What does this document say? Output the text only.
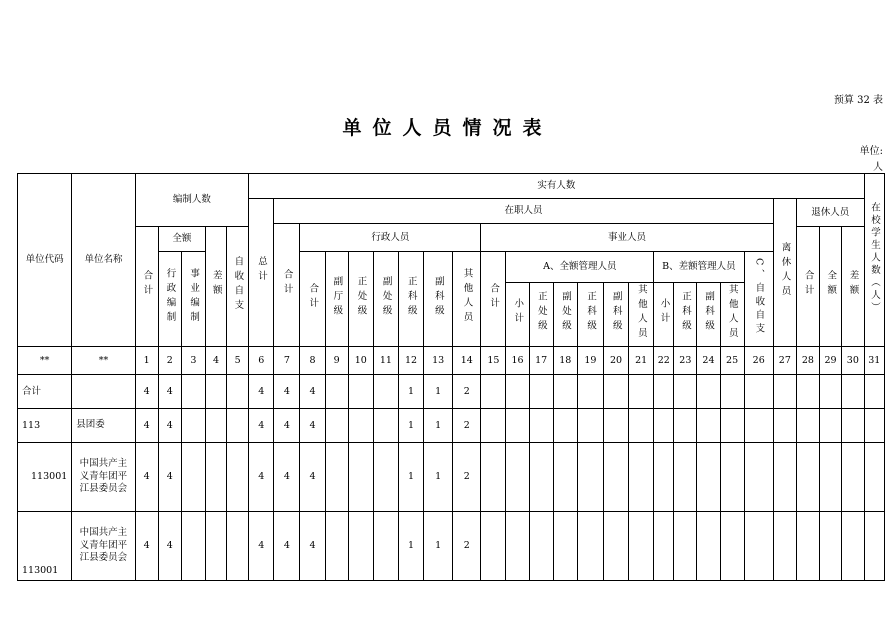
预算 32 表
单位人员情况表
单位:
人
单位代码	单位名称	编制人数					实有人数																									在校学生人数（人）
							总计	在职人员																				离休人员	退休人员			
								合计	行政人员							事业人员																
		合计	全额		差额	自收自支																							合计	全额	差额	
			行政编制	事业编制					合计	副厅级	正处级	副处级	正科级	副科级	其他人员	合计	A、全额管理人员						B、差额管理人员				C、自收自支					
																	小计	正处级	副处级	正科级	副科级	其他人员	小计	正科级	副科级	其他人员						
**	**	1	2	3	4	5	6	7	8	9	10	11	12	13	14	15	16	17	18	19	20	21	22	23	24	25	26	27	28	29	30	31
合计		4	4				4	4	4				1	1	2																	
113	县团委	4	4				4	4	4				1	1	2																	
113001	中国共产主义青年团平江县委员会	4	4				4	4	4				1	1	2																	
113001	中国共产主义青年团平江县委员会	4	4				4	4	4				1	1	2																	
